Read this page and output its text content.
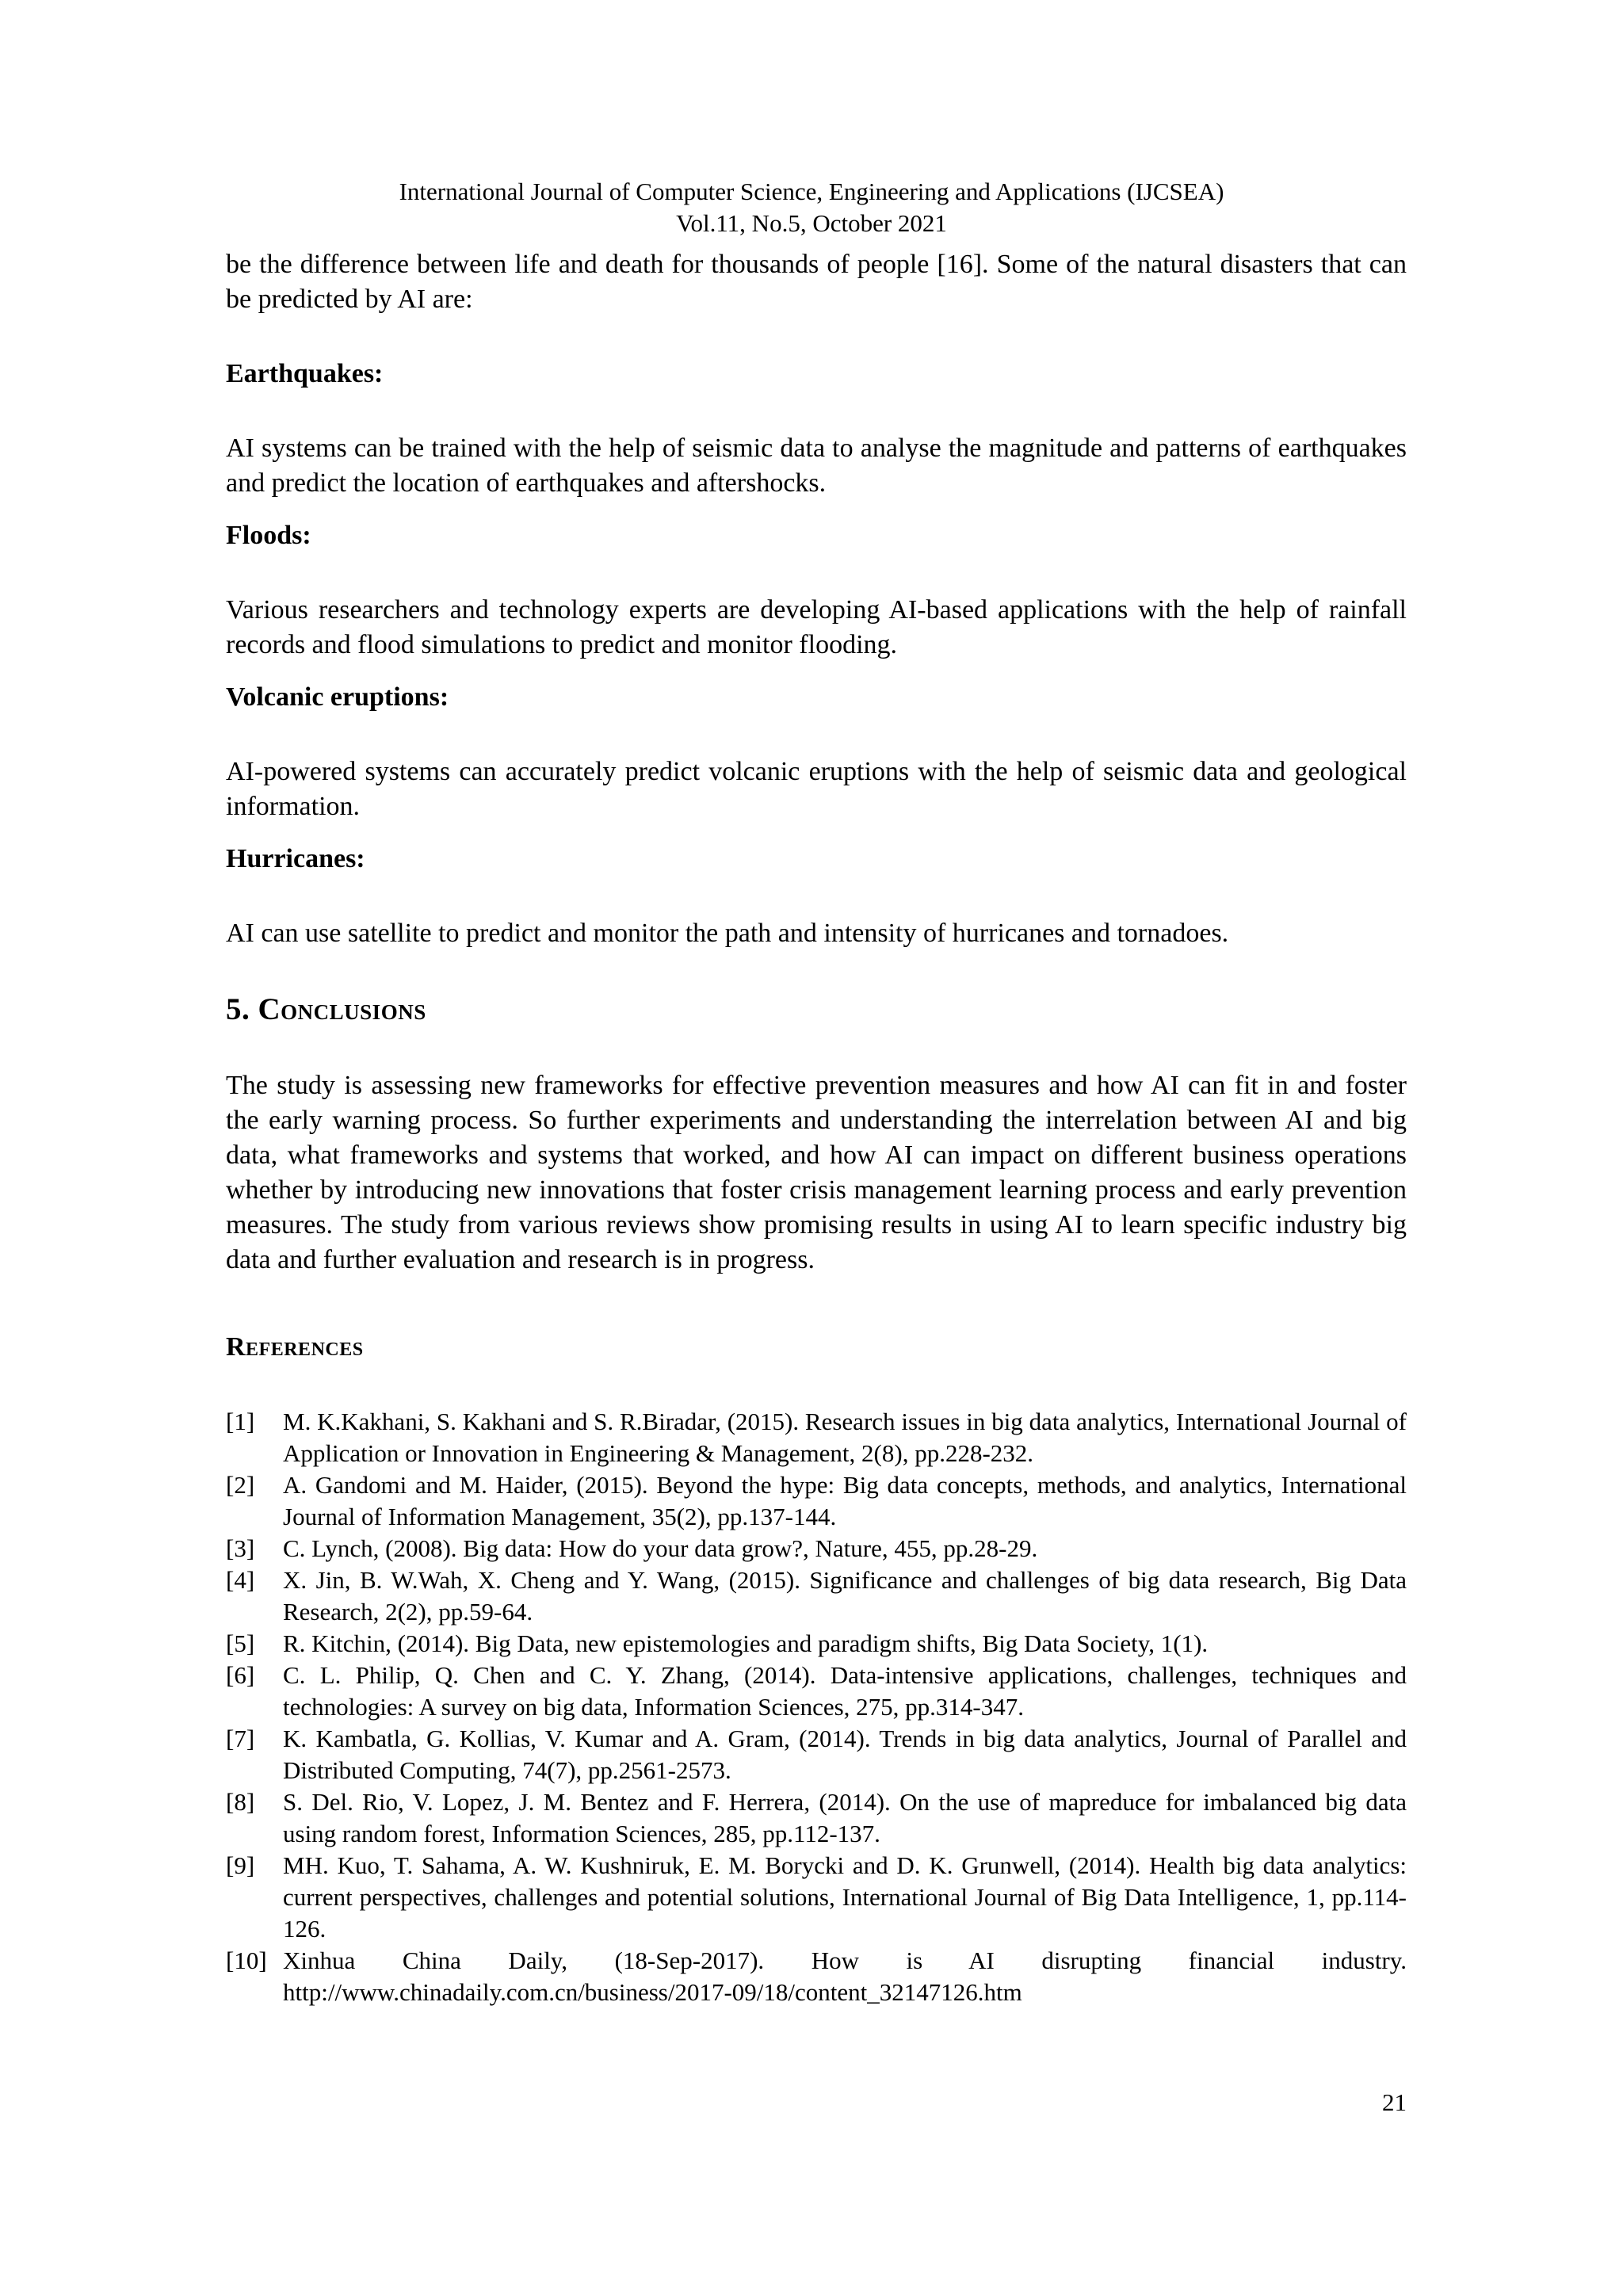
International Journal of Computer Science, Engineering and Applications (IJCSEA)
Vol.11, No.5, October 2021

be the difference between life and death for thousands of people [16]. Some of the natural disasters that can be predicted by AI are:

Earthquakes:

AI systems can be trained with the help of seismic data to analyse the magnitude and patterns of earthquakes and predict the location of earthquakes and aftershocks.

Floods:

Various researchers and technology experts are developing AI-based applications with the help of rainfall records and flood simulations to predict and monitor flooding.

Volcanic eruptions:

AI-powered systems can accurately predict volcanic eruptions with the help of seismic data and geological information.

Hurricanes:

AI can use satellite to predict and monitor the path and intensity of hurricanes and tornadoes.

5. Conclusions

The study is assessing new frameworks for effective prevention measures and how AI can fit in and foster the early warning process. So further experiments and understanding the interrelation between AI and big data, what frameworks and systems that worked, and how AI can impact on different business operations whether by introducing new innovations that foster crisis management learning process and early prevention measures. The study from various reviews show promising results in using AI to learn specific industry big data and further evaluation and research is in progress.

References
[1] M. K.Kakhani, S. Kakhani and S. R.Biradar, (2015). Research issues in big data analytics, International Journal of Application or Innovation in Engineering & Management, 2(8), pp.228-232.
[2] A. Gandomi and M. Haider, (2015). Beyond the hype: Big data concepts, methods, and analytics, International Journal of Information Management, 35(2), pp.137-144.
[3] C. Lynch, (2008). Big data: How do your data grow?, Nature, 455, pp.28-29.
[4] X. Jin, B. W.Wah, X. Cheng and Y. Wang, (2015). Significance and challenges of big data research, Big Data Research, 2(2), pp.59-64.
[5] R. Kitchin, (2014). Big Data, new epistemologies and paradigm shifts, Big Data Society, 1(1).
[6] C. L. Philip, Q. Chen and C. Y. Zhang, (2014). Data-intensive applications, challenges, techniques and technologies: A survey on big data, Information Sciences, 275, pp.314-347.
[7] K. Kambatla, G. Kollias, V. Kumar and A. Gram, (2014). Trends in big data analytics, Journal of Parallel and Distributed Computing, 74(7), pp.2561-2573.
[8] S. Del. Rio, V. Lopez, J. M. Bentez and F. Herrera, (2014). On the use of mapreduce for imbalanced big data using random forest, Information Sciences, 285, pp.112-137.
[9] MH. Kuo, T. Sahama, A. W. Kushniruk, E. M. Borycki and D. K. Grunwell, (2014). Health big data analytics: current perspectives, challenges and potential solutions, International Journal of Big Data Intelligence, 1, pp.114-126.
[10] Xinhua China Daily, (18-Sep-2017). How is AI disrupting financial industry. http://www.chinadaily.com.cn/business/2017-09/18/content_32147126.htm
21
